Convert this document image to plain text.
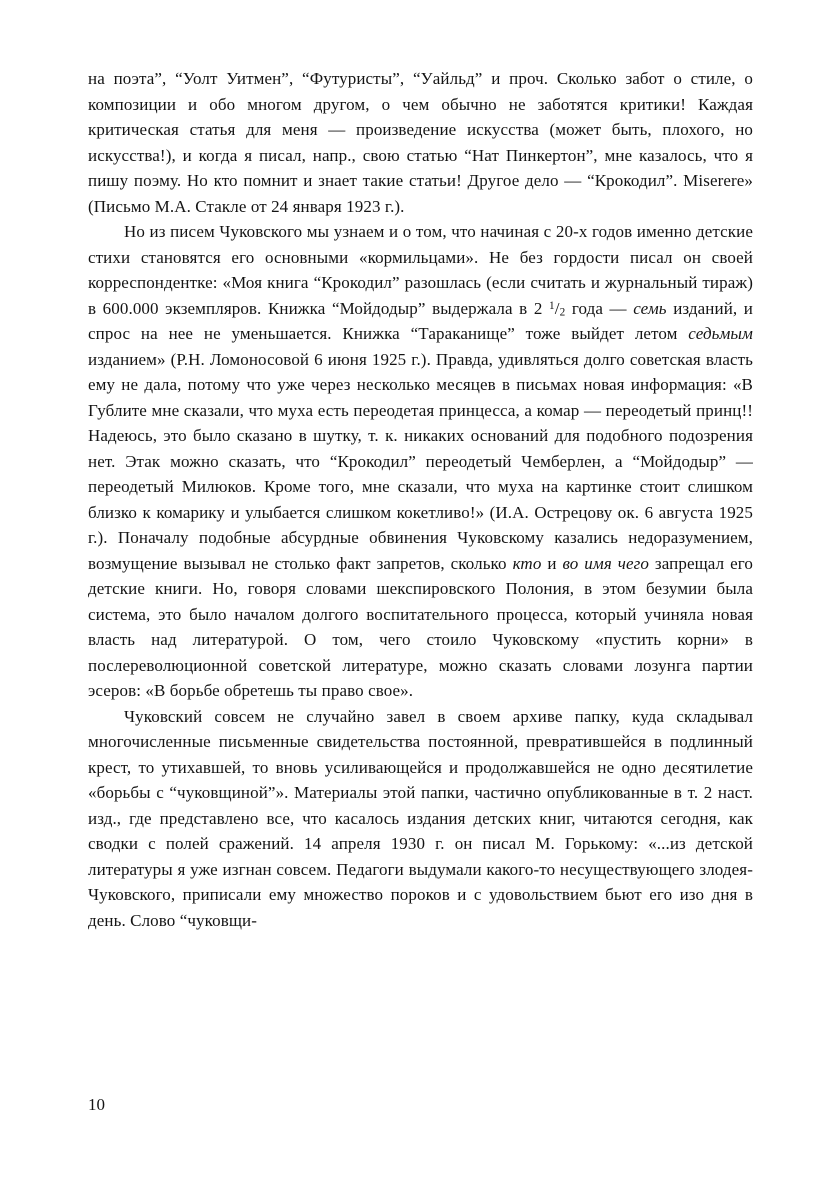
на поэта”, “Уолт Уитмен”, “Футуристы”, “Уайльд” и проч. Сколько забот о стиле, о композиции и обо многом другом, о чем обычно не заботятся критики! Каждая критическая статья для меня — произведение искусства (может быть, плохого, но искусства!), и когда я писал, напр., свою статью “Нат Пинкертон”, мне казалось, что я пишу поэму. Но кто помнит и знает такие статьи! Другое дело — “Крокодил”. Miserere» (Письмо М.А. Стакле от 24 января 1923 г.).

Но из писем Чуковского мы узнаем и о том, что начиная с 20-х годов именно детские стихи становятся его основными «кормильцами». Не без гордости писал он своей корреспондентке: «Моя книга “Крокодил” разошлась (если считать и журнальный тираж) в 600.000 экземпляров. Книжка “Мойдодыр” выдержала в 2 $^1/_2$ года — семь изданий, и спрос на нее не уменьшается. Книжка “Тараканище” тоже выйдет летом седьмым изданием» (Р.Н. Ломоносовой 6 июня 1925 г.). Правда, удивляться долго советская власть ему не дала, потому что уже через несколько месяцев в письмах новая информация: «В Гублите мне сказали, что муха есть переодетая принцесса, а комар — переодетый принц!! Надеюсь, это было сказано в шутку, т. к. никаких оснований для подобного подозрения нет. Этак можно сказать, что “Крокодил” переодетый Чемберлен, а “Мойдодыр” — переодетый Милюков. Кроме того, мне сказали, что муха на картинке стоит слишком близко к комарику и улыбается слишком кокетливо!» (И.А. Острецову ок. 6 августа 1925 г.). Поначалу подобные абсурдные обвинения Чуковскому казались недоразумением, возмущение вызывал не столько факт запретов, сколько кто и во имя чего запрещал его детские книги. Но, говоря словами шекспировского Полония, в этом безумии была система, это было началом долгого воспитательного процесса, который учиняла новая власть над литературой. О том, чего стоило Чуковскому «пустить корни» в послереволюционной советской литературе, можно сказать словами лозунга партии эсеров: «В борьбе обретешь ты право свое».

Чуковский совсем не случайно завел в своем архиве папку, куда складывал многочисленные письменные свидетельства постоянной, превратившейся в подлинный крест, то утихавшей, то вновь усиливающейся и продолжавшейся не одно десятилетие «борьбы с “чуковщиной”». Материалы этой папки, частично опубликованные в т. 2 наст. изд., где представлено все, что касалось издания детских книг, читаются сегодня, как сводки с полей сражений. 14 апреля 1930 г. он писал М. Горькому: «...из детской литературы я уже изгнан совсем. Педагоги выдумали какого-то несуществующего злодея-Чуковского, приписали ему множество пороков и с удовольствием бьют его изо дня в день. Слово “чуковщи-

10
